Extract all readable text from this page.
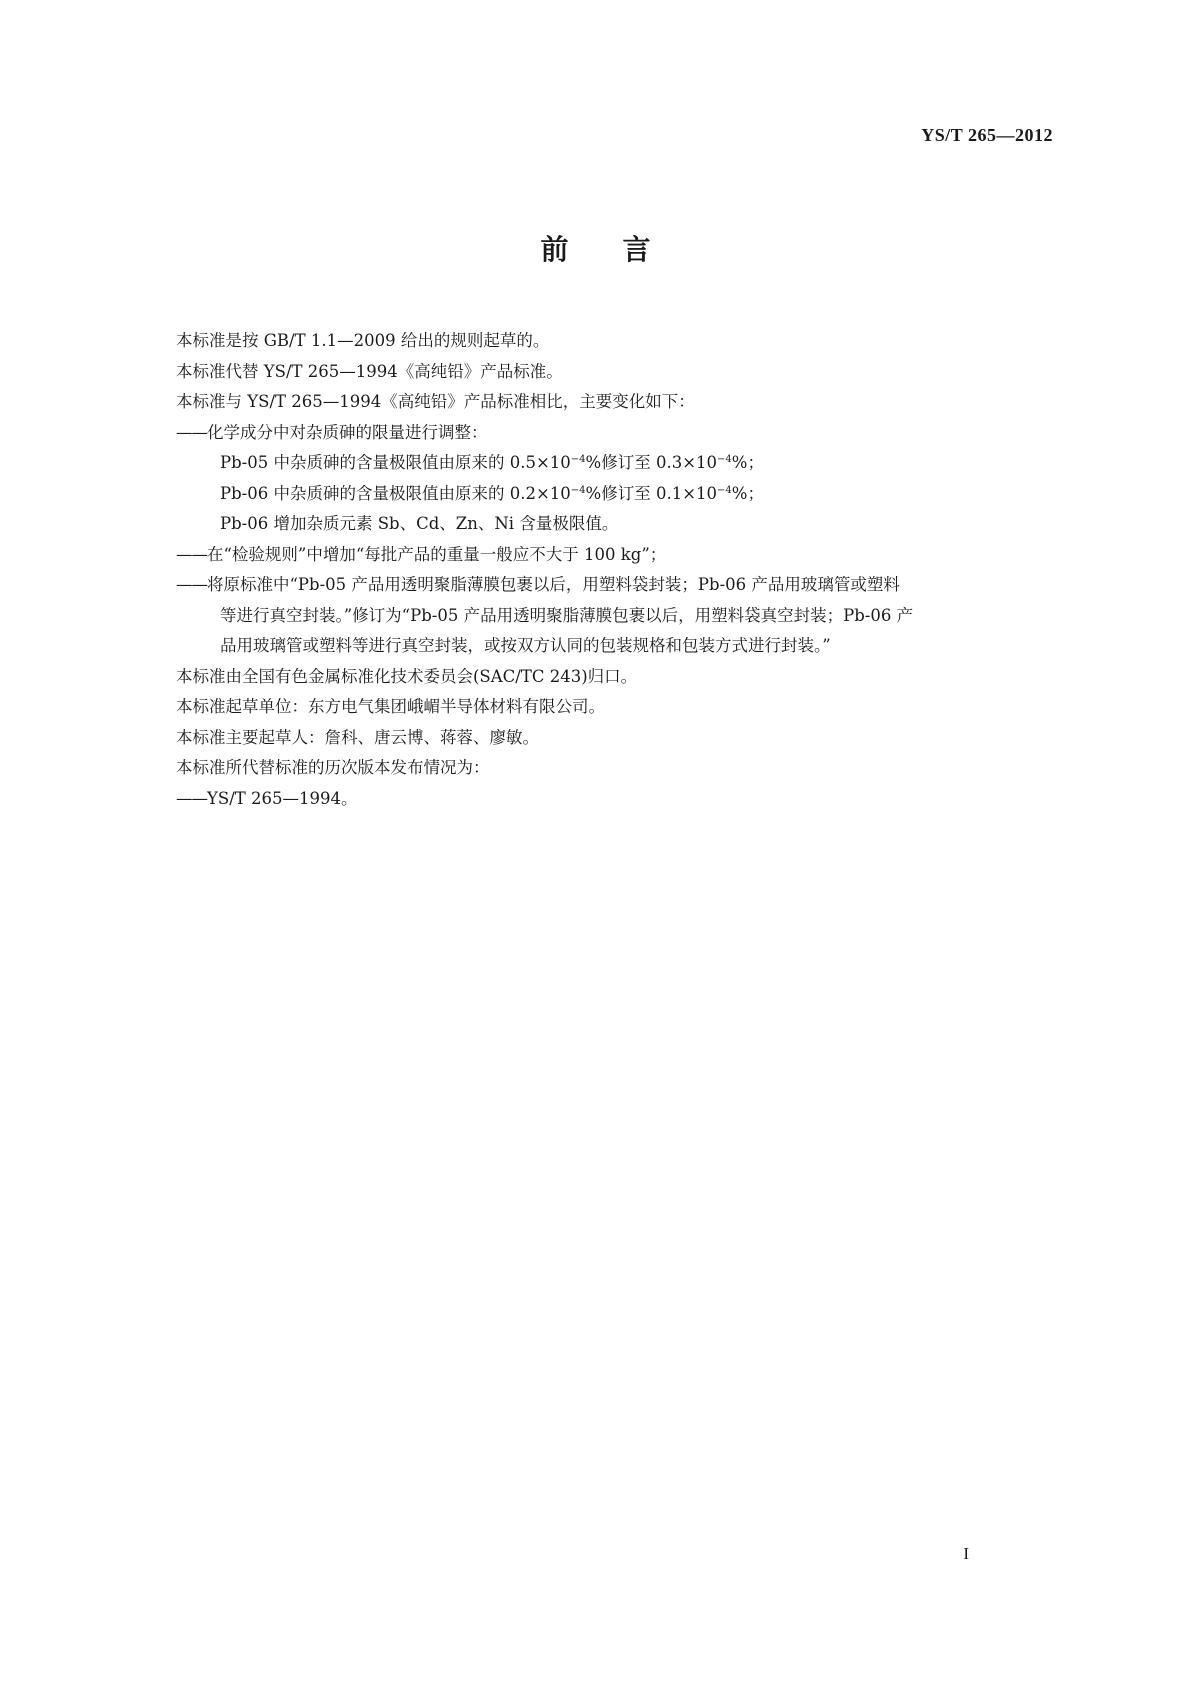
YS/T 265—2012
前 言
本标准是按 GB/T 1.1—2009 给出的规则起草的。
本标准代替 YS/T 265—1994《高纯铅》产品标准。
本标准与 YS/T 265—1994《高纯铅》产品标准相比，主要变化如下：
——化学成分中对杂质砷的限量进行调整：
Pb-05 中杂质砷的含量极限值由原来的 $0.5\times 10^{-4}\%$修订至 $0.3\times 10^{-4}\%$；
Pb-06 中杂质砷的含量极限值由原来的 $0.2\times 10^{-4}\%$修订至 $0.1\times 10^{-4}\%$；
Pb-06 增加杂质元素 Sb、Cd、Zn、Ni 含量极限值。
——在“检验规则”中增加“每批产品的重量一般应不大于 100 kg”；
——将原标准中“Pb-05 产品用透明聚脂薄膜包裹以后，用塑料袋封装；Pb-06 产品用玻璃管或塑料
等进行真空封装。”修订为“Pb-05 产品用透明聚脂薄膜包裹以后，用塑料袋真空封装；Pb-06 产
品用玻璃管或塑料等进行真空封装，或按双方认同的包装规格和包装方式进行封装。”
本标准由全国有色金属标准化技术委员会(SAC/TC 243)归口。
本标准起草单位：东方电气集团峨嵋半导体材料有限公司。
本标准主要起草人：詹科、唐云博、蒋蓉、廖敏。
本标准所代替标准的历次版本发布情况为：
——YS/T 265—1994。
I
